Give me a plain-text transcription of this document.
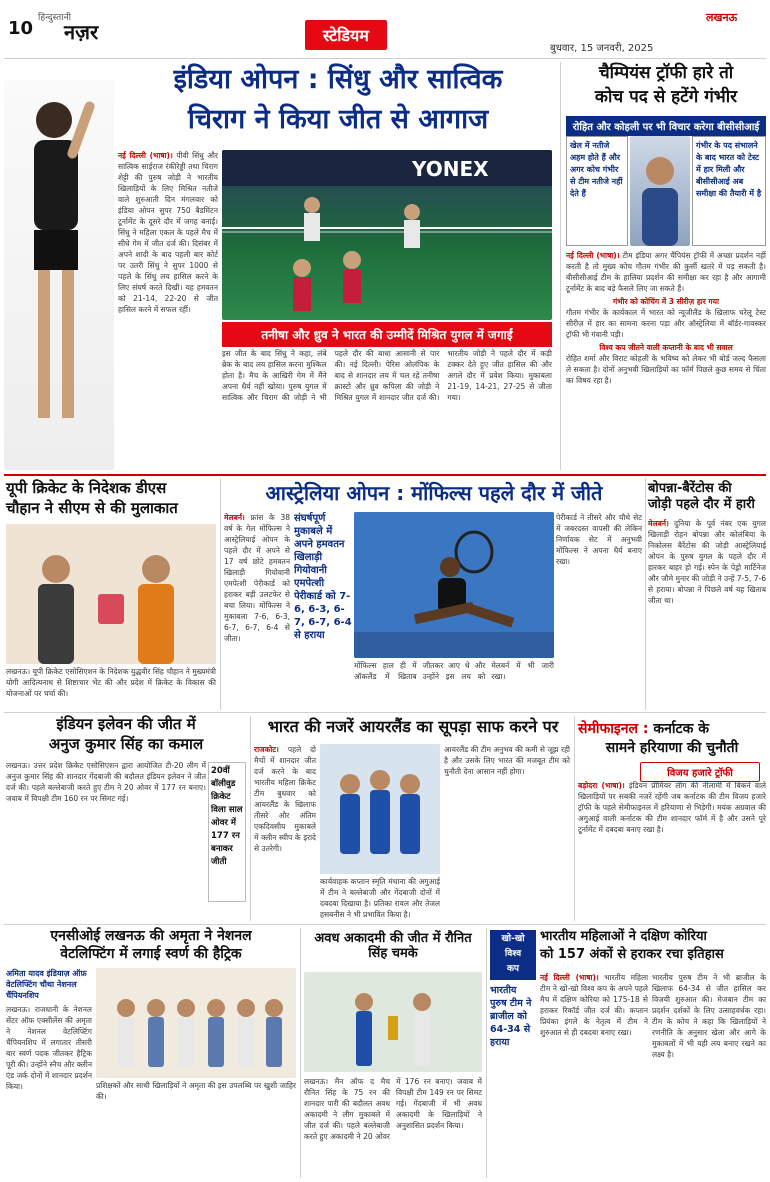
10 हिन्दुस्तानी
नज़र	स्टेडियम
लखनऊ
बुधवार, 15 जनवरी, 2025
इंडिया ओपन : सिंधु और सात्विक
चिराग ने किया जीत से आगाज
नई दिल्ली (भाषा)। पीवी सिंधु और सात्विक साईराज रंकीरेड्डी तथा चिराग शेट्टी की पुरुष जोड़ी ने भारतीय खिलाड़ियों के लिए मिश्रित नतीजे वाले शुरुआती दिन मंगलवार को इंडिया ओपन सुपर 750 बैडमिंटन टूर्नामेंट के दूसरे दौर में जगह बनाई। सिंधु ने महिला एकल के पहले मैच में सीधे गेम में जीत दर्ज की। दिसंबर में अपने शादी के बाद पहली बार कोर्ट पर उतरी सिंधु ने सुपर 1000 से पहले के सिंधु लय हासिल करने के लिए संघर्ष करते दिखी। यह हमवतन को 21-14, 22-20 से जीत हासिल करने में सफल रहीं।
YONEX
तनीषा और ध्रुव ने भारत की उम्मीदें मिश्रित युगल में जगाईं
इस जीत के बाद सिंधु ने कहा, लंबे ब्रेक के बाद लय हासिल करना मुश्किल होता है। मैच के आखिरी गेम में मैंने अपना धैर्य नहीं खोया। पुरुष युगल में सात्विक और चिराग की जोड़ी ने भी पहले दौर की बाधा आसानी से पार की। नई दिल्ली। पेरिस ओलंपिक के बाद से शानदार लय में चल रहे तनीषा क्रास्टो और ध्रुव कपिला की जोड़ी ने मिश्रित युगल में शानदार जीत दर्ज की। भारतीय जोड़ी ने पहले दौर में कड़ी टक्कर देते हुए जीत हासिल की और अगले दौर में प्रवेश किया। मुकाबला 21-19, 14-21, 27-25 से जीता गया।
चैम्पियंस ट्रॉफी हारे तो
कोच पद से हटेंगे गंभीर
रोहित और कोहली पर भी विचार करेगा बीसीसीआई
खेल में नतीजे अहम होते हैं और अगर कोच गंभीर से टीम नतीजे नहीं देते हैं
गंभीर के पद संभालने के बाद भारत को टेस्ट में हार मिली और बीसीसीआई अब समीक्षा की तैयारी में है
नई दिल्ली (भाषा)। टीम इंडिया अगर चैंपियंस ट्रॉफी में अच्छा प्रदर्शन नहीं करती है तो मुख्य कोच गौतम गंभीर की कुर्सी खतरे में पड़ सकती है। बीसीसीआई टीम के हालिया प्रदर्शन की समीक्षा कर रहा है और आगामी टूर्नामेंट के बाद बड़े फैसले लिए जा सकते हैं।
गंभीर को कोचिंग में 3 सीरीज़ हार गया
गौतम गंभीर के कार्यकाल में भारत को न्यूजीलैंड के खिलाफ घरेलू टेस्ट सीरीज़ में हार का सामना करना पड़ा और ऑस्ट्रेलिया में बॉर्डर-गावस्कर ट्रॉफी भी गंवानी पड़ी।
विश्व कप जीतने वाली कप्तानी के बाद भी सवाल
रोहित शर्मा और विराट कोहली के भविष्य को लेकर भी बोर्ड जल्द फैसला ले सकता है। दोनों अनुभवी खिलाड़ियों का फॉर्म पिछले कुछ समय से चिंता का विषय रहा है।
यूपी क्रिकेट के निदेशक डीएस
चौहान ने सीएम से की मुलाकात
लखनऊ। यूपी क्रिकेट एसोसिएशन के निदेशक युद्धवीर सिंह चौहान ने मुख्यमंत्री योगी आदित्यनाथ से शिष्टाचार भेंट की और प्रदेश में क्रिकेट के विकास की योजनाओं पर चर्चा की।
आस्ट्रेलिया ओपन : मोंफिल्स पहले दौर में जीते
मेलबर्न। फ्रांस के 38 वर्ष के गेल मोंफिल्स ने आस्ट्रेलियाई ओपन के पहले दौर में अपने से 17 वर्ष छोटे हमवतन खिलाड़ी गियोवानी एमपेत्शी पेरीकार्ड को हराकर बड़ी उलटफेर से बचा लिया। मोंफिल्स ने मुकाबला 7-6, 6-3, 6-7, 6-7, 6-4 से जीता।
संघर्षपूर्ण मुकाबले में अपने हमवतन खिलाड़ी गियोवानी एमपेत्शी पेरीकार्ड को 7-6, 6-3, 6-7, 6-7, 6-4 से हराया
मोंफिल्स हाल ही में ऑकलैंड में खिताब जीतकर आए थे और उन्होंने इस लय को मेलबर्न में भी जारी रखा।
पेरीकार्ड ने तीसरे और चौथे सेट में जबरदस्त वापसी की लेकिन निर्णायक सेट में अनुभवी मोंफिल्स ने अपना धैर्य बनाए रखा।
बोपन्ना-बैरेंटोस की
जोड़ी पहले दौर में हारी
मेलबर्न। दुनिया के पूर्व नंबर एक युगल खिलाड़ी रोहन बोपन्ना और कोलंबिया के निकोलस बैरेंटोस की जोड़ी आस्ट्रेलियाई ओपन के पुरुष युगल के पहले दौर में हारकर बाहर हो गई। स्पेन के पेड्रो मार्टिनेज और जौमे मुनार की जोड़ी ने उन्हें 7-5, 7-6 से हराया। बोपन्ना ने पिछले वर्ष यह खिताब जीता था।
इंडियन इलेवन की जीत में
अनुज कुमार सिंह का कमाल
लखनऊ। उत्तर प्रदेश क्रिकेट एसोसिएशन द्वारा आयोजित टी-20 लीग में अनुज कुमार सिंह की शानदार गेंदबाजी की बदौलत इंडियन इलेवन ने जीत दर्ज की। पहले बल्लेबाजी करते हुए टीम ने 20 ओवर में 177 रन बनाए। जवाब में विपक्षी टीम 160 रन पर सिमट गई।
20वीं बॉलीवुड क्रिकेट विला साल ओवर में 177 रन बनाकर जीती
भारत की नजरें आयरलैंड का सूपड़ा साफ करने पर
राजकोट। पहले दो मैचों में शानदार जीत दर्ज करने के बाद भारतीय महिला क्रिकेट टीम बुधवार को आयरलैंड के खिलाफ तीसरे और अंतिम एकदिवसीय मुकाबले में क्लीन स्वीप के इरादे से उतरेगी।
कार्यवाहक कप्तान स्मृति मंधाना की अगुआई में टीम ने बल्लेबाजी और गेंदबाजी दोनों में दबदबा दिखाया है। प्रतिका रावल और तेजल हसबनीस ने भी प्रभावित किया है।
आयरलैंड की टीम अनुभव की कमी से जूझ रही है और उसके लिए भारत की मजबूत टीम को चुनौती देना आसान नहीं होगा।
सेमीफाइनल : कर्नाटक के
सामने हरियाणा की चुनौती
विजय हजारे ट्रॉफी
बड़ोदरा (भाषा)। इंडियन प्रीमियर लीग की नीलामी में बिकने वाले खिलाड़ियों पर सबकी नजरें रहेंगी जब कर्नाटक की टीम विजय हजारे ट्रॉफी के पहले सेमीफाइनल में हरियाणा से भिड़ेगी। मयंक अग्रवाल की अगुआई वाली कर्नाटक की टीम शानदार फॉर्म में है और उसने पूरे टूर्नामेंट में दबदबा बनाए रखा है।
एनसीओई लखनऊ की अमृता ने नेशनल
वेटलिफ्टिंग में लगाई स्वर्ण की हैट्रिक
अमिता यादव इंडियाज़ ऑफ़
वेटलिफ्टिंग चौथा नेशनल
चैंपियनशिप
लखनऊ। राजधानी के नेशनल सेंटर ऑफ एक्सीलेंस की अमृता ने नेशनल वेटलिफ्टिंग चैंपियनशिप में लगातार तीसरी बार स्वर्ण पदक जीतकर हैट्रिक पूरी की। उन्होंने स्नैच और क्लीन एंड जर्क दोनों में शानदार प्रदर्शन किया।	प्रशिक्षकों और साथी खिलाड़ियों ने अमृता की इस उपलब्धि पर खुशी जाहिर की।
अवध अकादमी की जीत में रौनित सिंह चमके
लखनऊ। मैन ऑफ द मैच रौनित सिंह के 75 रन की शानदार पारी की बदौलत अवध अकादमी ने लीग मुकाबले में जीत दर्ज की। पहले बल्लेबाजी करते हुए अकादमी ने 20 ओवर में 176 रन बनाए। जवाब में विपक्षी टीम 149 रन पर सिमट गई। गेंदबाजी में भी अवध अकादमी के खिलाड़ियों ने अनुशासित प्रदर्शन किया।
खो-खो
विश्व
कप
भारतीय महिलाओं ने दक्षिण कोरिया
को 157 अंकों से हराकर रचा इतिहास
भारतीय पुरुष टीम ने ब्राजील को 64-34 से हराया
नई दिल्ली (भाषा)। भारतीय महिला टीम ने खो-खो विश्व कप के अपने पहले मैच में दक्षिण कोरिया को 175-18 से हराकर रिकॉर्ड जीत दर्ज की। कप्तान प्रियंका इंगले के नेतृत्व में टीम ने शुरुआत से ही दबदबा बनाए रखा।
भारतीय पुरुष टीम ने भी ब्राजील के खिलाफ 64-34 से जीत हासिल कर विजयी शुरुआत की। मेजबान टीम का प्रदर्शन दर्शकों के लिए उत्साहवर्धक रहा। टीम के कोच ने कहा कि खिलाड़ियों ने रणनीति के अनुसार खेला और आगे के मुकाबलों में भी यही लय बनाए रखने का लक्ष्य है।
